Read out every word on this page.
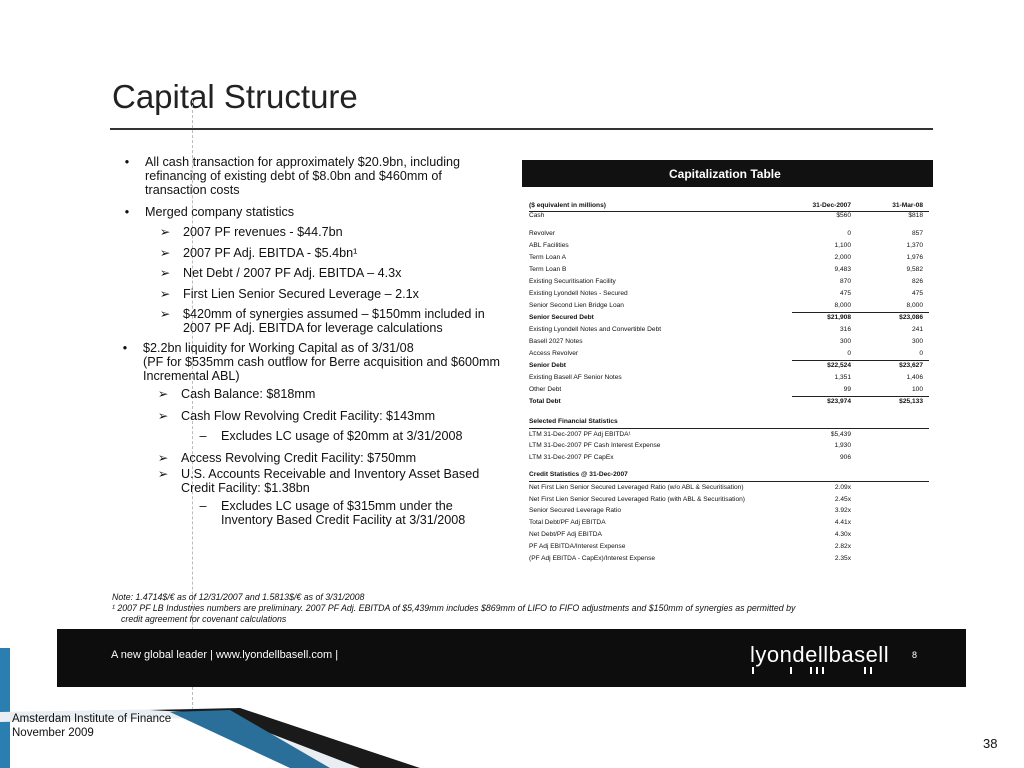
Capital Structure
•	All cash transaction for approximately $20.9bn, including
refinancing of existing debt of $8.0bn and $460mm of
transaction costs
•	Merged company statistics
➢	2007 PF revenues - $44.7bn
➢	2007 PF Adj. EBITDA - $5.4bn¹
➢	Net Debt / 2007 PF Adj. EBITDA – 4.3x
➢	First Lien Senior Secured Leverage – 2.1x
➢	$420mm of synergies assumed – $150mm included in
2007 PF Adj. EBITDA for leverage calculations
•	$2.2bn liquidity for Working Capital as of 3/31/08
(PF for $535mm cash outflow for Berre acquisition and $600mm
Incremental ABL)
➢	Cash Balance: $818mm
➢	Cash Flow Revolving Credit Facility: $143mm
–	Excludes LC usage of $20mm at 3/31/2008
➢	Access Revolving Credit Facility: $750mm
➢	U.S. Accounts Receivable and Inventory Asset Based
Credit Facility: $1.38bn
–	Excludes LC usage of $315mm under the
Inventory Based Credit Facility at 3/31/2008
Capitalization Table
($ equivalent in millions)	31-Dec-2007	31-Mar-08
Cash	$560	$818
Revolver	0	857
ABL Facilities	1,100	1,370
Term Loan A	2,000	1,976
Term Loan B	9,483	9,582
Existing Securitisation Facility	870	826
Existing Lyondell Notes - Secured	475	475
Senior Second Lien Bridge Loan	8,000	8,000
Senior Secured Debt	$21,908	$23,086
Existing Lyondell Notes and Convertible Debt	316	241
Basell 2027 Notes	300	300
Access Revolver	0	0
Senior Debt	$22,524	$23,627
Existing Basell AF Senior Notes	1,351	1,406
Other Debt	99	100
Total Debt	$23,974	$25,133
Selected Financial Statistics
LTM 31-Dec-2007 PF Adj EBITDA¹	$5,439
LTM 31-Dec-2007 PF Cash Interest Expense	1,930
LTM 31-Dec-2007 PF CapEx	906
Credit Statistics @ 31-Dec-2007
Net First Lien Senior Secured Leveraged Ratio (w/o ABL & Securitisation)	2.09x
Net First Lien Senior Secured Leveraged Ratio (with ABL & Securitisation)	2.45x
Senior Secured Leverage Ratio	3.92x
Total Debt/PF Adj EBITDA	4.41x
Net Debt/PF Adj EBITDA	4.30x
PF Adj EBITDA/Interest Expense	2.82x
(PF Adj EBITDA - CapEx)/Interest Expense	2.35x
Note: 1.4714$/€ as of 12/31/2007 and 1.5813$/€ as of 3/31/2008
¹ 2007 PF LB Industries numbers are preliminary. 2007 PF Adj. EBITDA of $5,439mm includes $869mm of LIFO to FIFO adjustments and $150mm of synergies as permitted by
credit agreement for covenant calculations
A new global leader | www.lyondellbasell.com |	lyondellbasell	8
Amsterdam Institute of Finance
November 2009
38
